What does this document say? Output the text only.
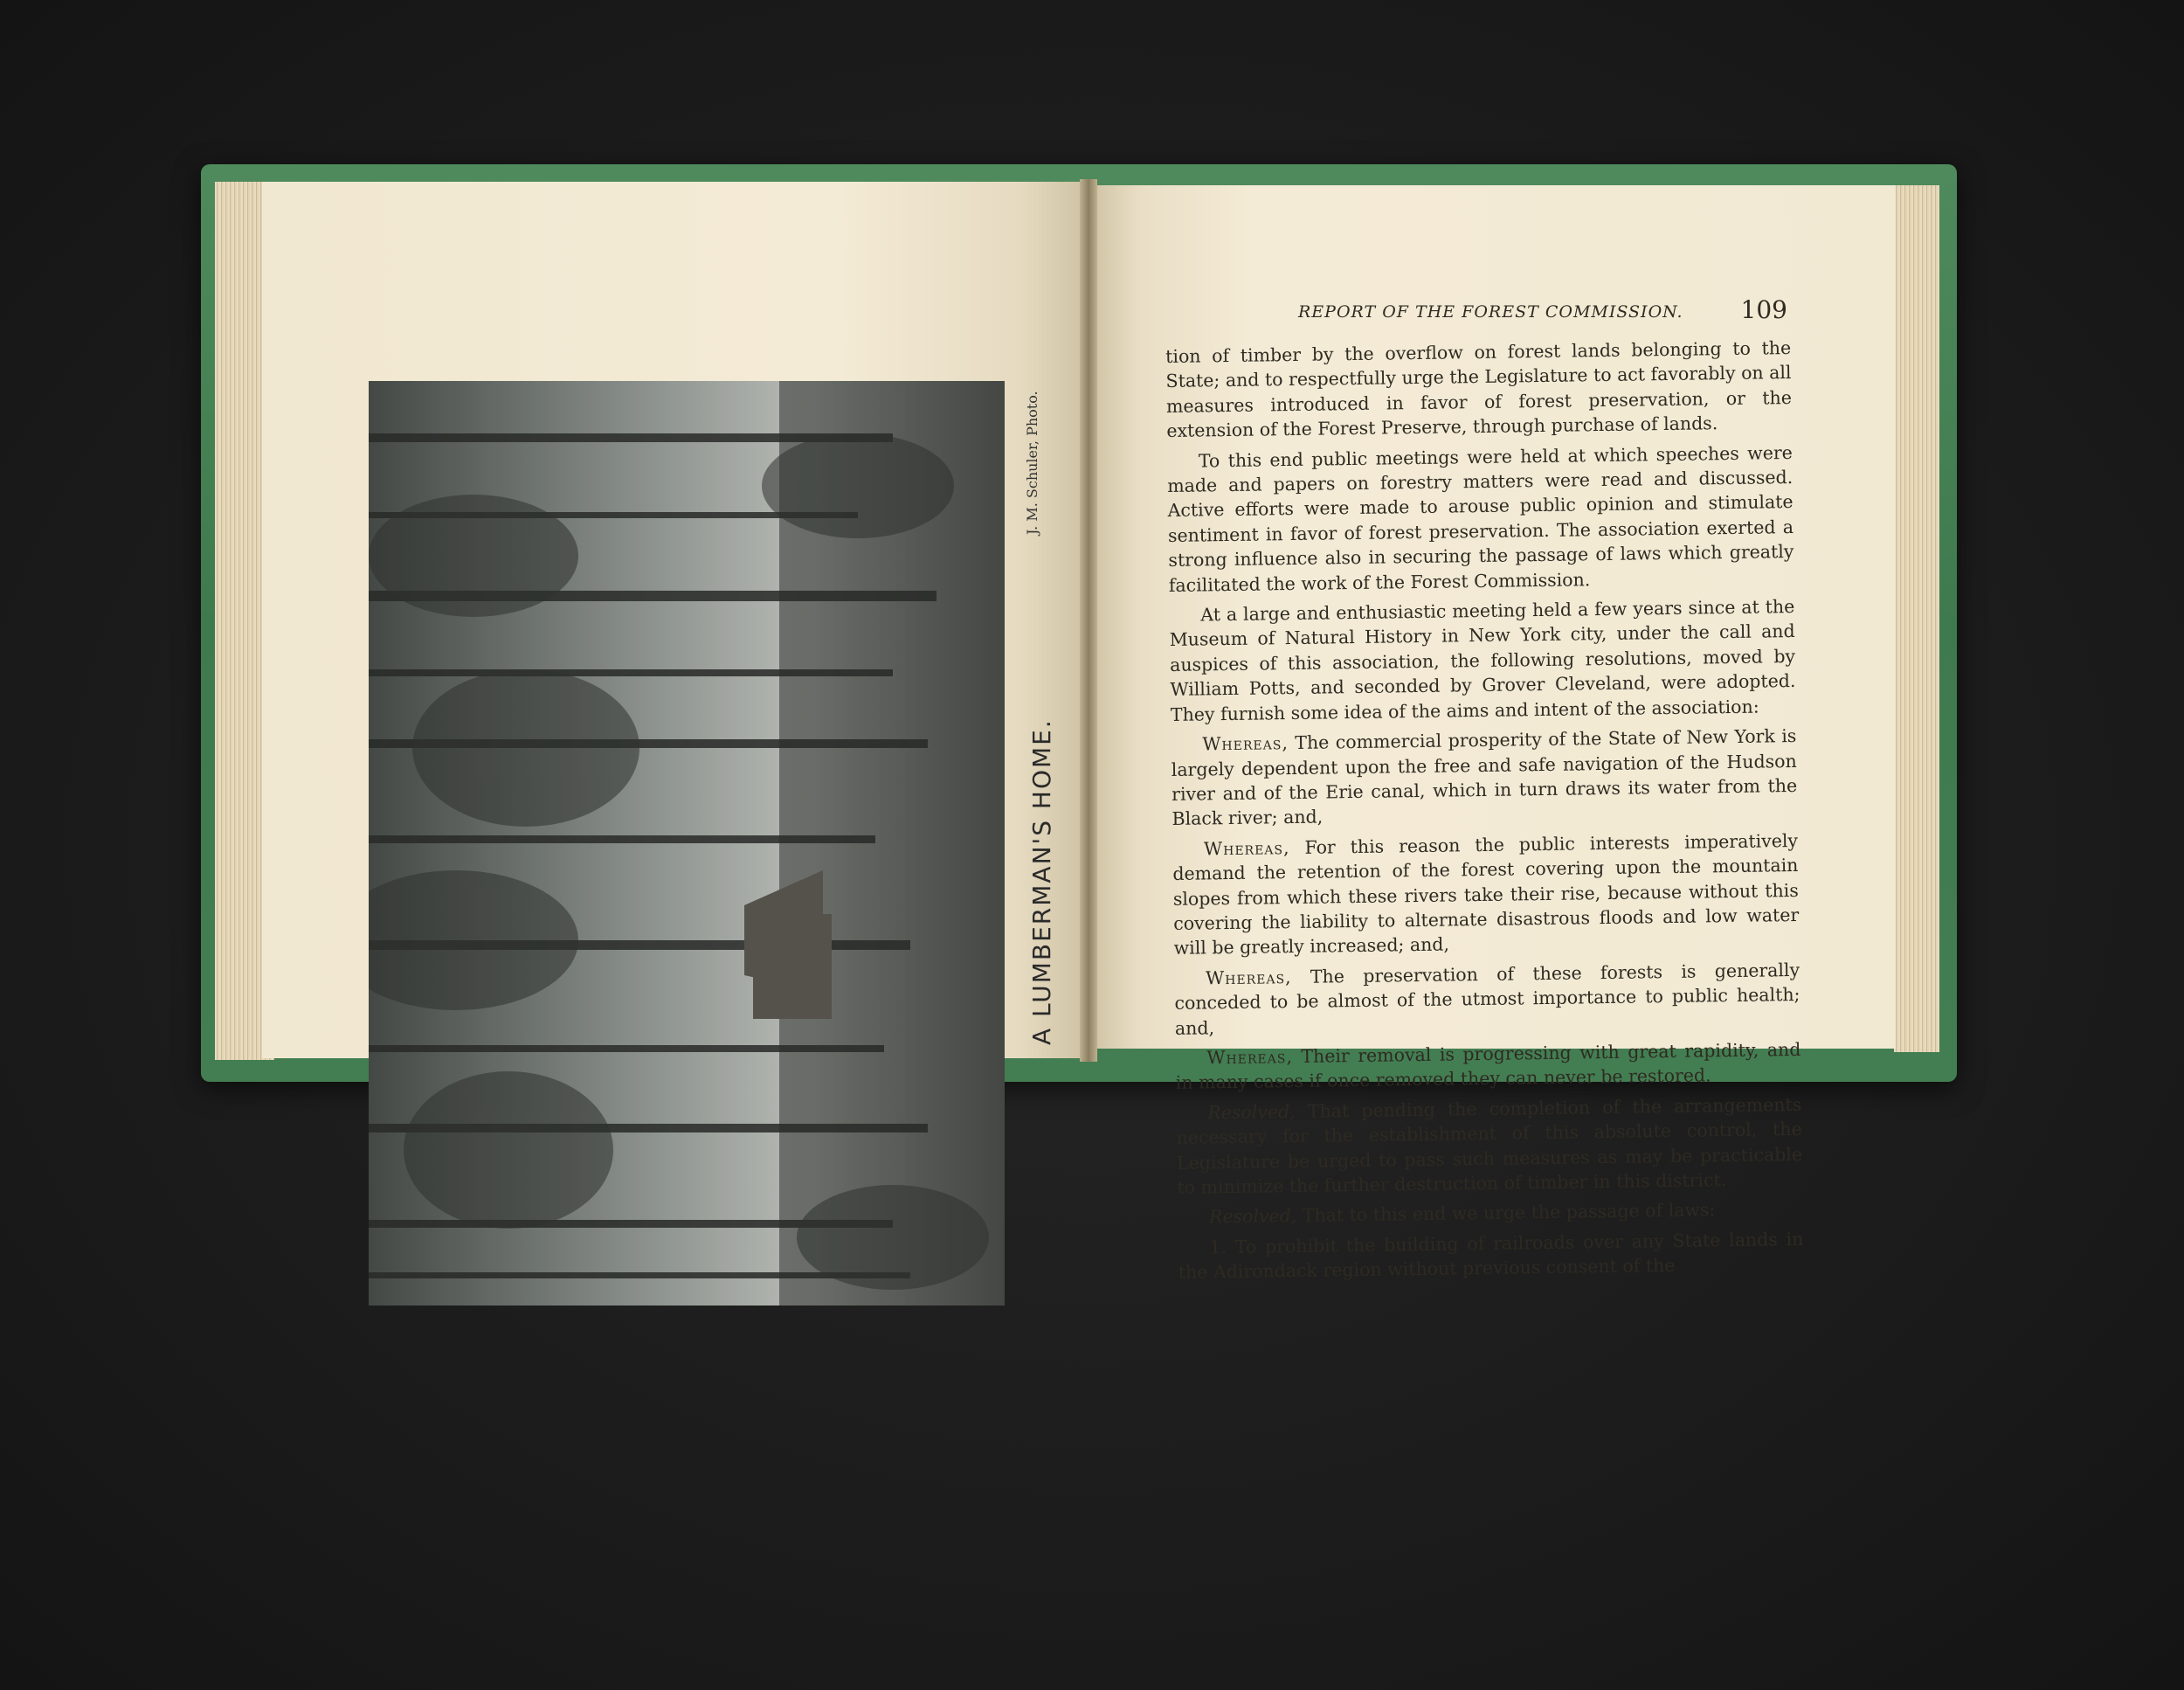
J. M. Schuler, Photo.
A LUMBERMAN'S HOME.
REPORT OF THE FOREST COMMISSION.	109

tion of timber by the overflow on forest lands belonging to the State; and to respectfully urge the Legislature to act favorably on all measures introduced in favor of forest preservation, or the extension of the Forest Preserve, through purchase of lands.

To this end public meetings were held at which speeches were made and papers on forestry matters were read and discussed. Active efforts were made to arouse public opinion and stimulate sentiment in favor of forest preservation. The association exerted a strong influence also in securing the passage of laws which greatly facilitated the work of the Forest Commission.

At a large and enthusiastic meeting held a few years since at the Museum of Natural History in New York city, under the call and auspices of this association, the following resolutions, moved by William Potts, and seconded by Grover Cleveland, were adopted. They furnish some idea of the aims and intent of the association:

Whereas, The commercial prosperity of the State of New York is largely dependent upon the free and safe navigation of the Hudson river and of the Erie canal, which in turn draws its water from the Black river; and,

Whereas, For this reason the public interests imperatively demand the retention of the forest covering upon the mountain slopes from which these rivers take their rise, because without this covering the liability to alternate disastrous floods and low water will be greatly increased; and,

Whereas, The preservation of these forests is generally conceded to be almost of the utmost importance to public health; and,

Whereas, Their removal is progressing with great rapidity, and in many cases if once removed they can never be restored.

Resolved, That pending the completion of the arrangements necessary for the establishment of this absolute control, the Legislature be urged to pass such measures as may be practicable to minimize the further destruction of timber in this district.

Resolved, That to this end we urge the passage of laws:

1. To prohibit the building of railroads over any State lands in the Adirondack region without previous consent of the
